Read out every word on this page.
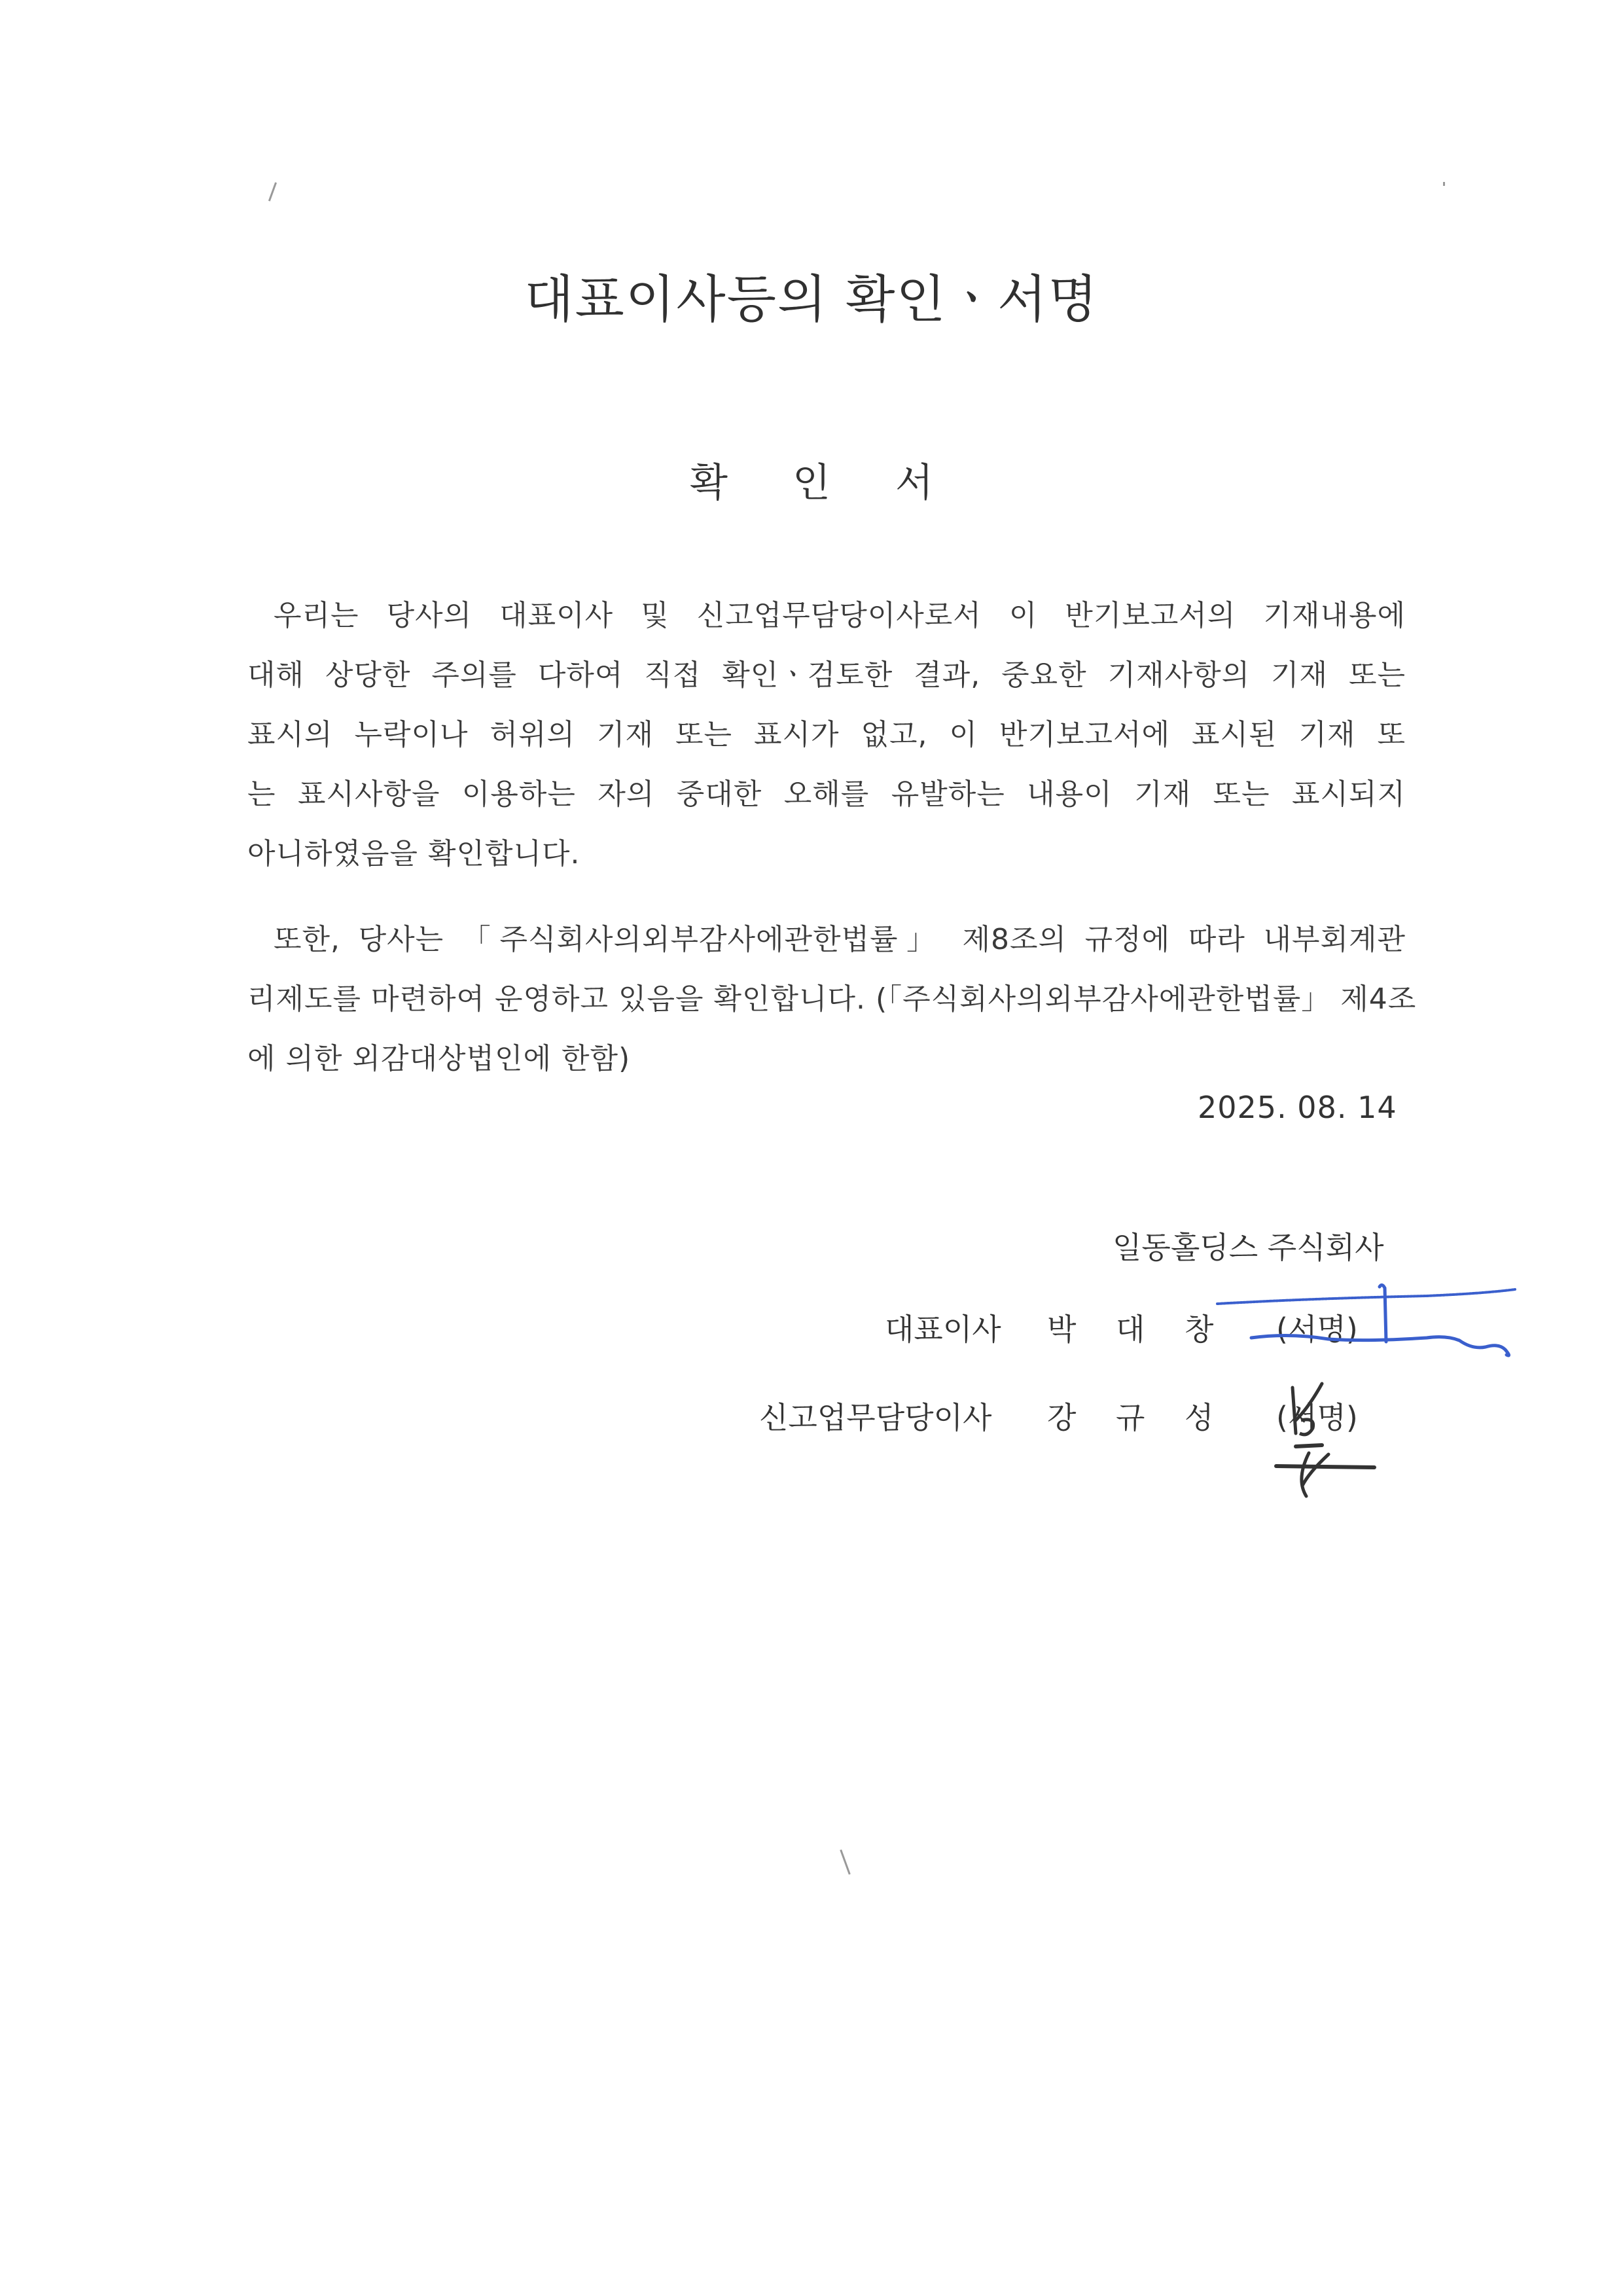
대표이사등의 확인ㆍ서명
확 인 서
우리는 당사의 대표이사 및 신고업무담당이사로서 이 반기보고서의 기재내용에
대해 상당한 주의를 다하여 직접 확인ㆍ검토한 결과, 중요한 기재사항의 기재 또는
표시의 누락이나 허위의 기재 또는 표시가 없고, 이 반기보고서에 표시된 기재 또
는 표시사항을 이용하는 자의 중대한 오해를 유발하는 내용이 기재 또는 표시되지
아니하였음을 확인합니다.
또한, 당사는 「주식회사의외부감사에관한법률」 제8조의 규정에 따라 내부회계관
리제도를 마련하여 운영하고 있음을 확인합니다. (「주식회사의외부감사에관한법률」 제4조
에 의한 외감대상법인에 한함)
2025. 08. 14
일동홀딩스 주식회사
대표이사 박 대 창 (서명)
신고업무담당이사 강 규 성 (서명)
